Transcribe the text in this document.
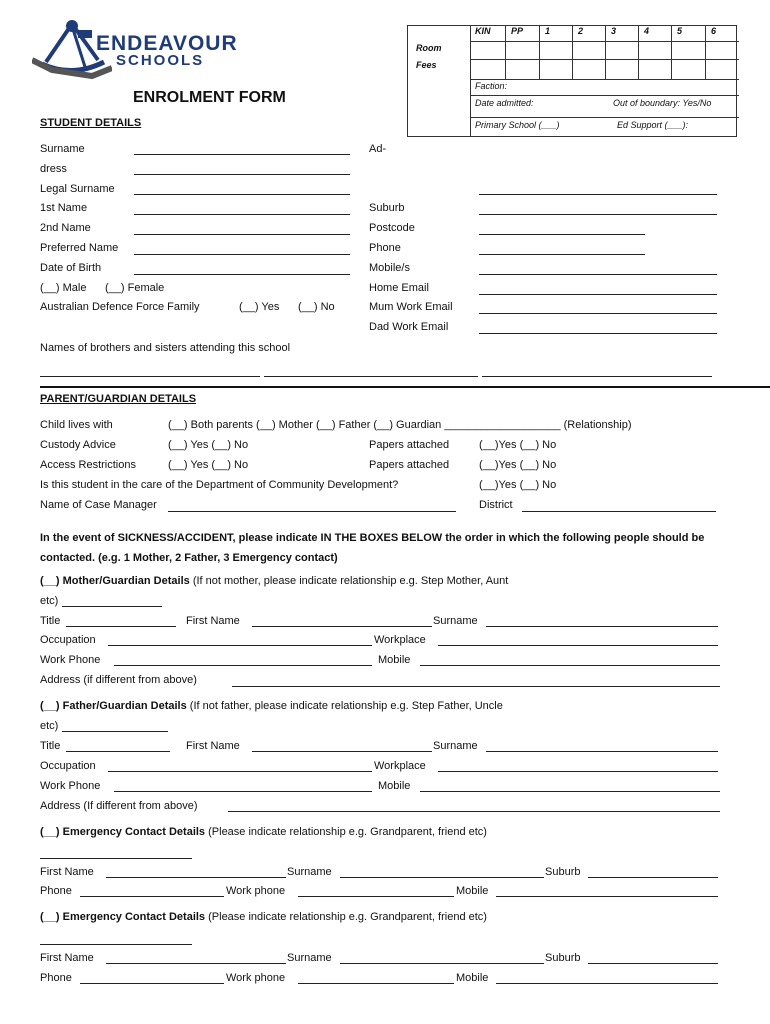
ENDEAVOUR
SCHOOLS
ENROLMENT FORM
Room
Fees
KIN PP 1	2	3	4	5	6
Faction:
Date admitted:	Out of boundary: Yes/No
Primary School (___)	Ed Support (___):
STUDENT DETAILS
Surname	Ad-
dress
Legal Surname
1st Name	Suburb
2nd Name	Postcode
Preferred Name	Phone
Date of Birth	Mobile/s
(__) Male (__) Female	Home Email
Australian Defence Force Family	(__) Yes (__) No	Mum Work Email
Dad Work Email
Names of brothers and sisters attending this school
PARENT/GUARDIAN DETAILS
Child lives with	(__) Both parents (__) Mother (__) Father (__) Guardian ___________________ (Relationship)
Custody Advice	(__) Yes (__) No	Papers attached	(__)Yes (__) No
Access Restrictions	(__) Yes (__) No	Papers attached	(__)Yes (__) No
Is this student in the care of the Department of Community Development?	(__)Yes (__) No
Name of Case Manager	District
In the event of SICKNESS/ACCIDENT, please indicate IN THE BOXES BELOW the order in which the following people should be contacted. (e.g. 1 Mother, 2 Father, 3 Emergency contact)
(__) Mother/Guardian Details (If not mother, please indicate relationship e.g. Step Mother, Aunt
etc)
Title	First Name	Surname
Occupation	Workplace
Work Phone	Mobile
Address (if different from above)
(__) Father/Guardian Details (If not father, please indicate relationship e.g. Step Father, Uncle
etc)
Title	First Name	Surname
Occupation	Workplace
Work Phone	Mobile
Address (If different from above)
(__) Emergency Contact Details (Please indicate relationship e.g. Grandparent, friend etc)
First Name	Surname	Suburb
Phone	Work phone	Mobile
(__) Emergency Contact Details (Please indicate relationship e.g. Grandparent, friend etc)
First Name	Surname	Suburb
Phone	Work phone	Mobile
